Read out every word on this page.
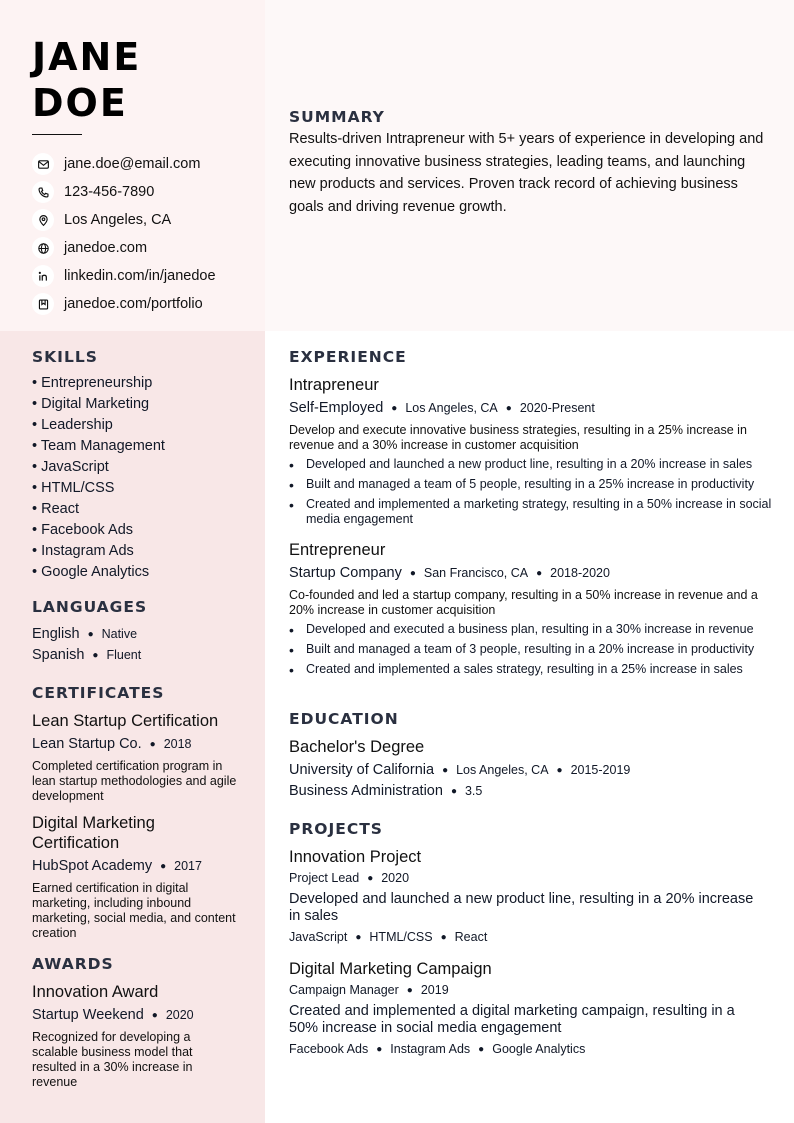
JANE
DOE
jane.doe@email.com
123-456-7890
Los Angeles, CA
janedoe.com
linkedin.com/in/janedoe
janedoe.com/portfolio
SUMMARY

Results-driven Intrapreneur with 5+ years of experience in developing and executing innovative business strategies, leading teams, and launching new products and services. Proven track record of achieving business goals and driving revenue growth.

SKILLS
• Entrepreneurship
• Digital Marketing
• Leadership
• Team Management
• JavaScript
• HTML/CSS
• React
• Facebook Ads
• Instagram Ads
• Google Analytics
LANGUAGES
English ● Native
Spanish ● Fluent
CERTIFICATES
Lean Startup Certification
Lean Startup Co. ● 2018
Completed certification program in lean startup methodologies and agile development
Digital Marketing Certification
HubSpot Academy ● 2017
Earned certification in digital marketing, including inbound marketing, social media, and content creation
AWARDS
Innovation Award
Startup Weekend ● 2020
Recognized for developing a scalable business model that resulted in a 30% increase in revenue
EXPERIENCE
Intrapreneur
Self-Employed ● Los Angeles, CA ● 2020-Present
Develop and execute innovative business strategies, resulting in a 25% increase in revenue and a 30% increase in customer acquisition
• Developed and launched a new product line, resulting in a 20% increase in sales
• Built and managed a team of 5 people, resulting in a 25% increase in productivity
• Created and implemented a marketing strategy, resulting in a 50% increase in social media engagement
Entrepreneur
Startup Company ● San Francisco, CA ● 2018-2020
Co-founded and led a startup company, resulting in a 50% increase in revenue and a 20% increase in customer acquisition
• Developed and executed a business plan, resulting in a 30% increase in revenue
• Built and managed a team of 3 people, resulting in a 20% increase in productivity
• Created and implemented a sales strategy, resulting in a 25% increase in sales
EDUCATION
Bachelor's Degree
University of California ● Los Angeles, CA ● 2015-2019
Business Administration ● 3.5
PROJECTS
Innovation Project
Project Lead ● 2020
Developed and launched a new product line, resulting in a 20% increase in sales
JavaScript ● HTML/CSS ● React
Digital Marketing Campaign
Campaign Manager ● 2019
Created and implemented a digital marketing campaign, resulting in a 50% increase in social media engagement
Facebook Ads ● Instagram Ads ● Google Analytics
